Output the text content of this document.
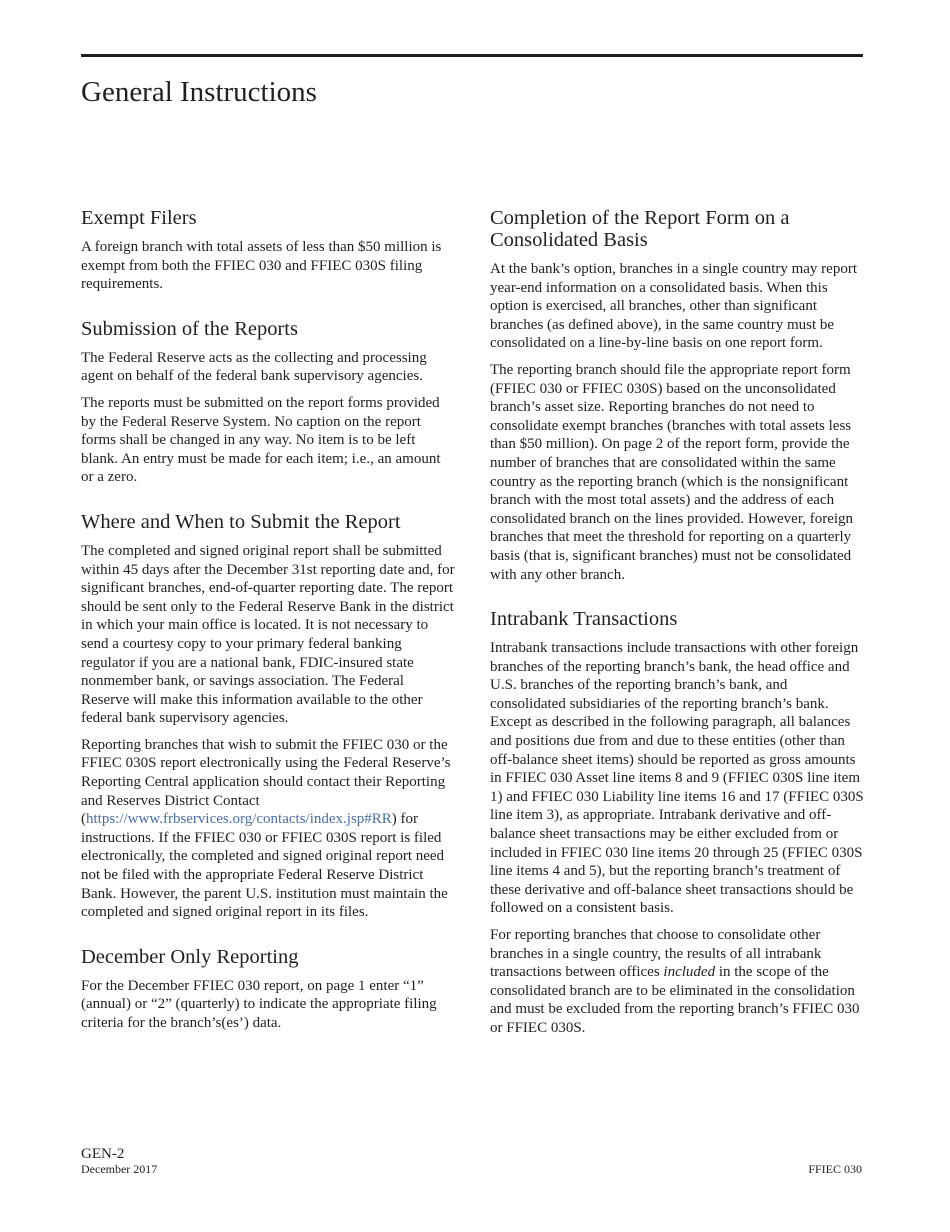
General Instructions
Exempt Filers

A foreign branch with total assets of less than $50 million is exempt from both the FFIEC 030 and FFIEC 030S filing requirements.

Submission of the Reports

The Federal Reserve acts as the collecting and processing agent on behalf of the federal bank supervisory agencies.

The reports must be submitted on the report forms provided by the Federal Reserve System. No caption on the report forms shall be changed in any way. No item is to be left blank. An entry must be made for each item; i.e., an amount or a zero.

Where and When to Submit the Report

The completed and signed original report shall be submitted within 45 days after the December 31st reporting date and, for significant branches, end-of-quarter reporting date. The report should be sent only to the Federal Reserve Bank in the district in which your main office is located. It is not necessary to send a courtesy copy to your primary federal banking regulator if you are a national bank, FDIC-insured state nonmember bank, or savings association. The Federal Reserve will make this information available to the other federal bank supervisory agencies.

Reporting branches that wish to submit the FFIEC 030 or the FFIEC 030S report electronically using the Federal Reserve’s Reporting Central application should contact their Reporting and Reserves District Contact (https://www.frbservices.org/contacts/index.jsp#RR) for instructions. If the FFIEC 030 or FFIEC 030S report is filed electronically, the completed and signed original report need not be filed with the appropriate Federal Reserve District Bank. However, the parent U.S. institution must maintain the completed and signed original report in its files.

December Only Reporting

For the December FFIEC 030 report, on page 1 enter “1” (annual) or “2” (quarterly) to indicate the appropriate filing criteria for the branch’s(es’) data.

Completion of the Report Form on a Consolidated Basis

At the bank’s option, branches in a single country may report year-end information on a consolidated basis. When this option is exercised, all branches, other than significant branches (as defined above), in the same country must be consolidated on a line-by-line basis on one report form.

The reporting branch should file the appropriate report form (FFIEC 030 or FFIEC 030S) based on the unconsolidated branch’s asset size. Reporting branches do not need to consolidate exempt branches (branches with total assets less than $50 million). On page 2 of the report form, provide the number of branches that are consolidated within the same country as the reporting branch (which is the nonsignificant branch with the most total assets) and the address of each consolidated branch on the lines provided. However, foreign branches that meet the threshold for reporting on a quarterly basis (that is, significant branches) must not be consolidated with any other branch.

Intrabank Transactions

Intrabank transactions include transactions with other foreign branches of the reporting branch’s bank, the head office and U.S. branches of the reporting branch’s bank, and consolidated subsidiaries of the reporting branch’s bank. Except as described in the following paragraph, all balances and positions due from and due to these entities (other than off-balance sheet items) should be reported as gross amounts in FFIEC 030 Asset line items 8 and 9 (FFIEC 030S line item 1) and FFIEC 030 Liability line items 16 and 17 (FFIEC 030S line item 3), as appropriate. Intrabank derivative and off-balance sheet transactions may be either excluded from or included in FFIEC 030 line items 20 through 25 (FFIEC 030S line items 4 and 5), but the reporting branch’s treatment of these derivative and off-balance sheet transactions should be followed on a consistent basis.

For reporting branches that choose to consolidate other branches in a single country, the results of all intrabank transactions between offices included in the scope of the consolidated branch are to be eliminated in the consolidation and must be excluded from the reporting branch’s FFIEC 030 or FFIEC 030S.

GEN-2
December 2017	FFIEC 030
